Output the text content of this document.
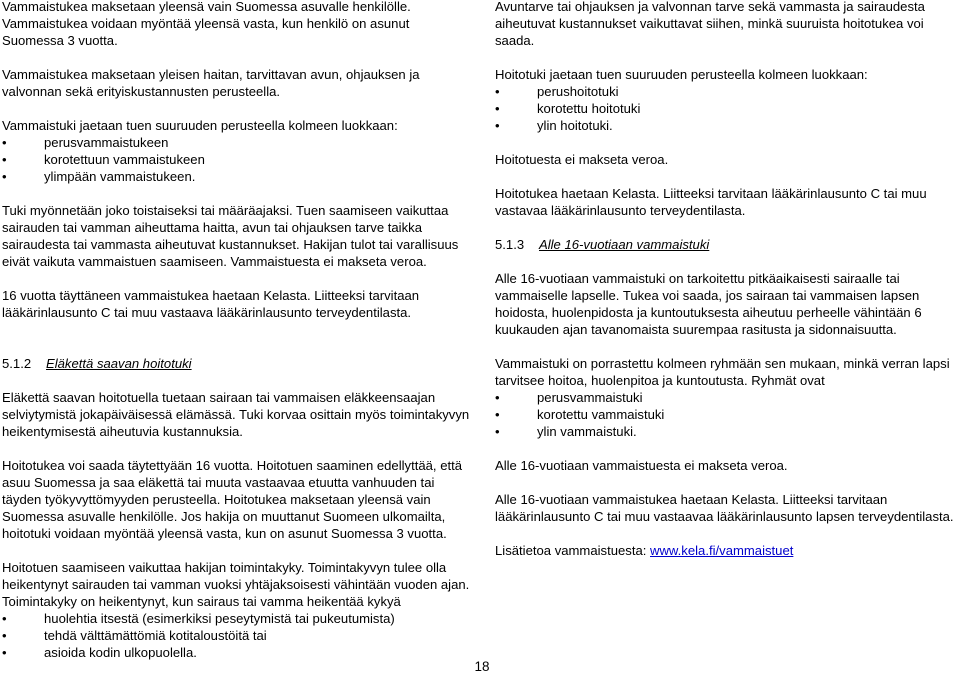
Vammaistukea maksetaan yleensä vain Suomessa asuvalle henkilölle. Vammaistukea voidaan myöntää yleensä vasta, kun henkilö on asunut Suomessa 3 vuotta.

Vammaistukea maksetaan yleisen haitan, tarvittavan avun, ohjauksen ja valvonnan sekä erityiskustannusten perusteella.

Vammaistuki jaetaan tuen suuruuden perusteella kolmeen luokkaan:

• perusvammaistukeen
• korotettuun vammaistukeen
• ylimpään vammaistukeen.

Tuki myönnetään joko toistaiseksi tai määräajaksi. Tuen saamiseen vaikuttaa sairauden tai vamman aiheuttama haitta, avun tai ohjauksen tarve taikka sairaudesta tai vammasta aiheutuvat kustannukset. Hakijan tulot tai varallisuus eivät vaikuta vammaistuen saamiseen. Vammaistuesta ei makseta veroa.

16 vuotta täyttäneen vammaistukea haetaan Kelasta. Liitteeksi tarvitaan lääkärinlausunto C tai muu vastaava lääkärinlausunto terveydentilasta.

5.1.2	Eläkettä saavan hoitotuki

Eläkettä saavan hoitotuella tuetaan sairaan tai vammaisen eläkkeensaajan selviytymistä jokapäiväisessä elämässä. Tuki korvaa osittain myös toimintakyvyn heikentymisestä aiheutuvia kustannuksia.

Hoitotukea voi saada täytettyään 16 vuotta. Hoitotuen saaminen edellyttää, että asuu Suomessa ja saa eläkettä tai muuta vastaavaa etuutta vanhuuden tai täyden työkyvyttömyyden perusteella. Hoitotukea maksetaan yleensä vain Suomessa asuvalle henkilölle. Jos hakija on muuttanut Suomeen ulkomailta, hoitotuki voidaan myöntää yleensä vasta, kun on asunut Suomessa 3 vuotta.

Hoitotuen saamiseen vaikuttaa hakijan toimintakyky. Toimintakyvyn tulee olla heikentynyt sairauden tai vamman vuoksi yhtäjaksoisesti vähintään vuoden ajan. Toimintakyky on heikentynyt, kun sairaus tai vamma heikentää kykyä

• huolehtia itsestä (esimerkiksi peseytymistä tai pukeutumista)
• tehdä välttämättömiä kotitaloustöitä tai
• asioida kodin ulkopuolella.

Avuntarve tai ohjauksen ja valvonnan tarve sekä vammasta ja sairaudesta aiheutuvat kustannukset vaikuttavat siihen, minkä suuruista hoitotukea voi saada.

Hoitotuki jaetaan tuen suuruuden perusteella kolmeen luokkaan:

• perushoitotuki
• korotettu hoitotuki
• ylin hoitotuki.

Hoitotuesta ei makseta veroa.

Hoitotukea haetaan Kelasta. Liitteeksi tarvitaan lääkärinlausunto C tai muu vastavaa lääkärinlausunto terveydentilasta.

5.1.3	Alle 16-vuotiaan vammaistuki

Alle 16-vuotiaan vammaistuki on tarkoitettu pitkäaikaisesti sairaalle tai vammaiselle lapselle. Tukea voi saada, jos sairaan tai vammaisen lapsen hoidosta, huolenpidosta ja kuntoutuksesta aiheutuu perheelle vähintään 6 kuukauden ajan tavanomaista suurempaa rasitusta ja sidonnaisuutta.

Vammaistuki on porrastettu kolmeen ryhmään sen mukaan, minkä verran lapsi tarvitsee hoitoa, huolenpitoa ja kuntoutusta. Ryhmät ovat

• perusvammaistuki
• korotettu vammaistuki
• ylin vammaistuki.

Alle 16-vuotiaan vammaistuesta ei makseta veroa.

Alle 16-vuotiaan vammaistukea haetaan Kelasta. Liitteeksi tarvitaan lääkärinlausunto C tai muu vastaavaa lääkärinlausunto lapsen terveydentilasta.

Lisätietoa vammaistuesta: www.kela.fi/vammaistuet

18
